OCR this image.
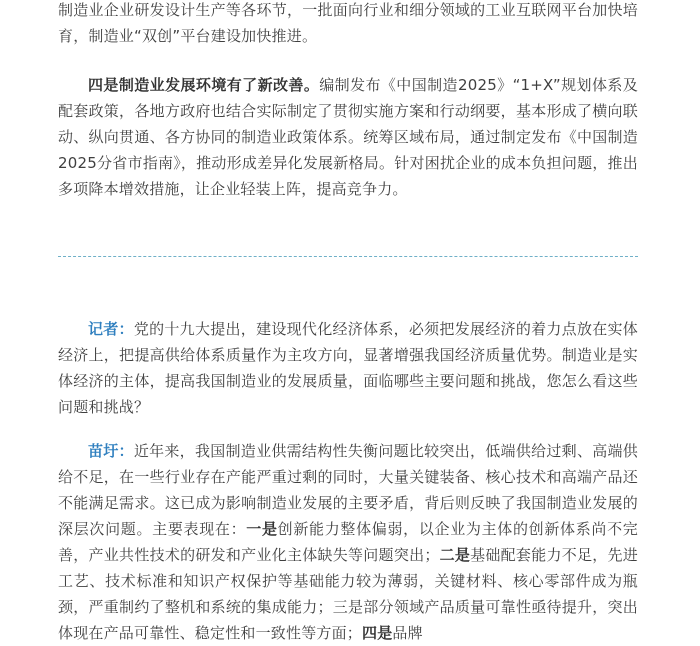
制造业企业研发设计生产等各环节，一批面向行业和细分领域的工业互联网平台加快培育，制造业“双创”平台建设加快推进。

四是制造业发展环境有了新改善。编制发布《中国制造2025》“1+X”规划体系及配套政策，各地方政府也结合实际制定了贯彻实施方案和行动纲要，基本形成了横向联动、纵向贯通、各方协同的制造业政策体系。统筹区域布局，通过制定发布《中国制造2025分省市指南》，推动形成差异化发展新格局。针对困扰企业的成本负担问题，推出多项降本增效措施，让企业轻装上阵，提高竞争力。

记者：党的十九大提出，建设现代化经济体系，必须把发展经济的着力点放在实体经济上，把提高供给体系质量作为主攻方向，显著增强我国经济质量优势。制造业是实体经济的主体，提高我国制造业的发展质量，面临哪些主要问题和挑战，您怎么看这些问题和挑战？

苗圩：近年来，我国制造业供需结构性失衡问题比较突出，低端供给过剩、高端供给不足，在一些行业存在产能严重过剩的同时，大量关键装备、核心技术和高端产品还不能满足需求。这已成为影响制造业发展的主要矛盾，背后则反映了我国制造业发展的深层次问题。主要表现在：一是创新能力整体偏弱，以企业为主体的创新体系尚不完善，产业共性技术的研发和产业化主体缺失等问题突出；二是基础配套能力不足，先进工艺、技术标准和知识产权保护等基础能力较为薄弱，关键材料、核心零部件成为瓶颈，严重制约了整机和系统的集成能力；三是部分领域产品质量可靠性亟待提升，突出体现在产品可靠性、稳定性和一致性等方面；四是品牌
